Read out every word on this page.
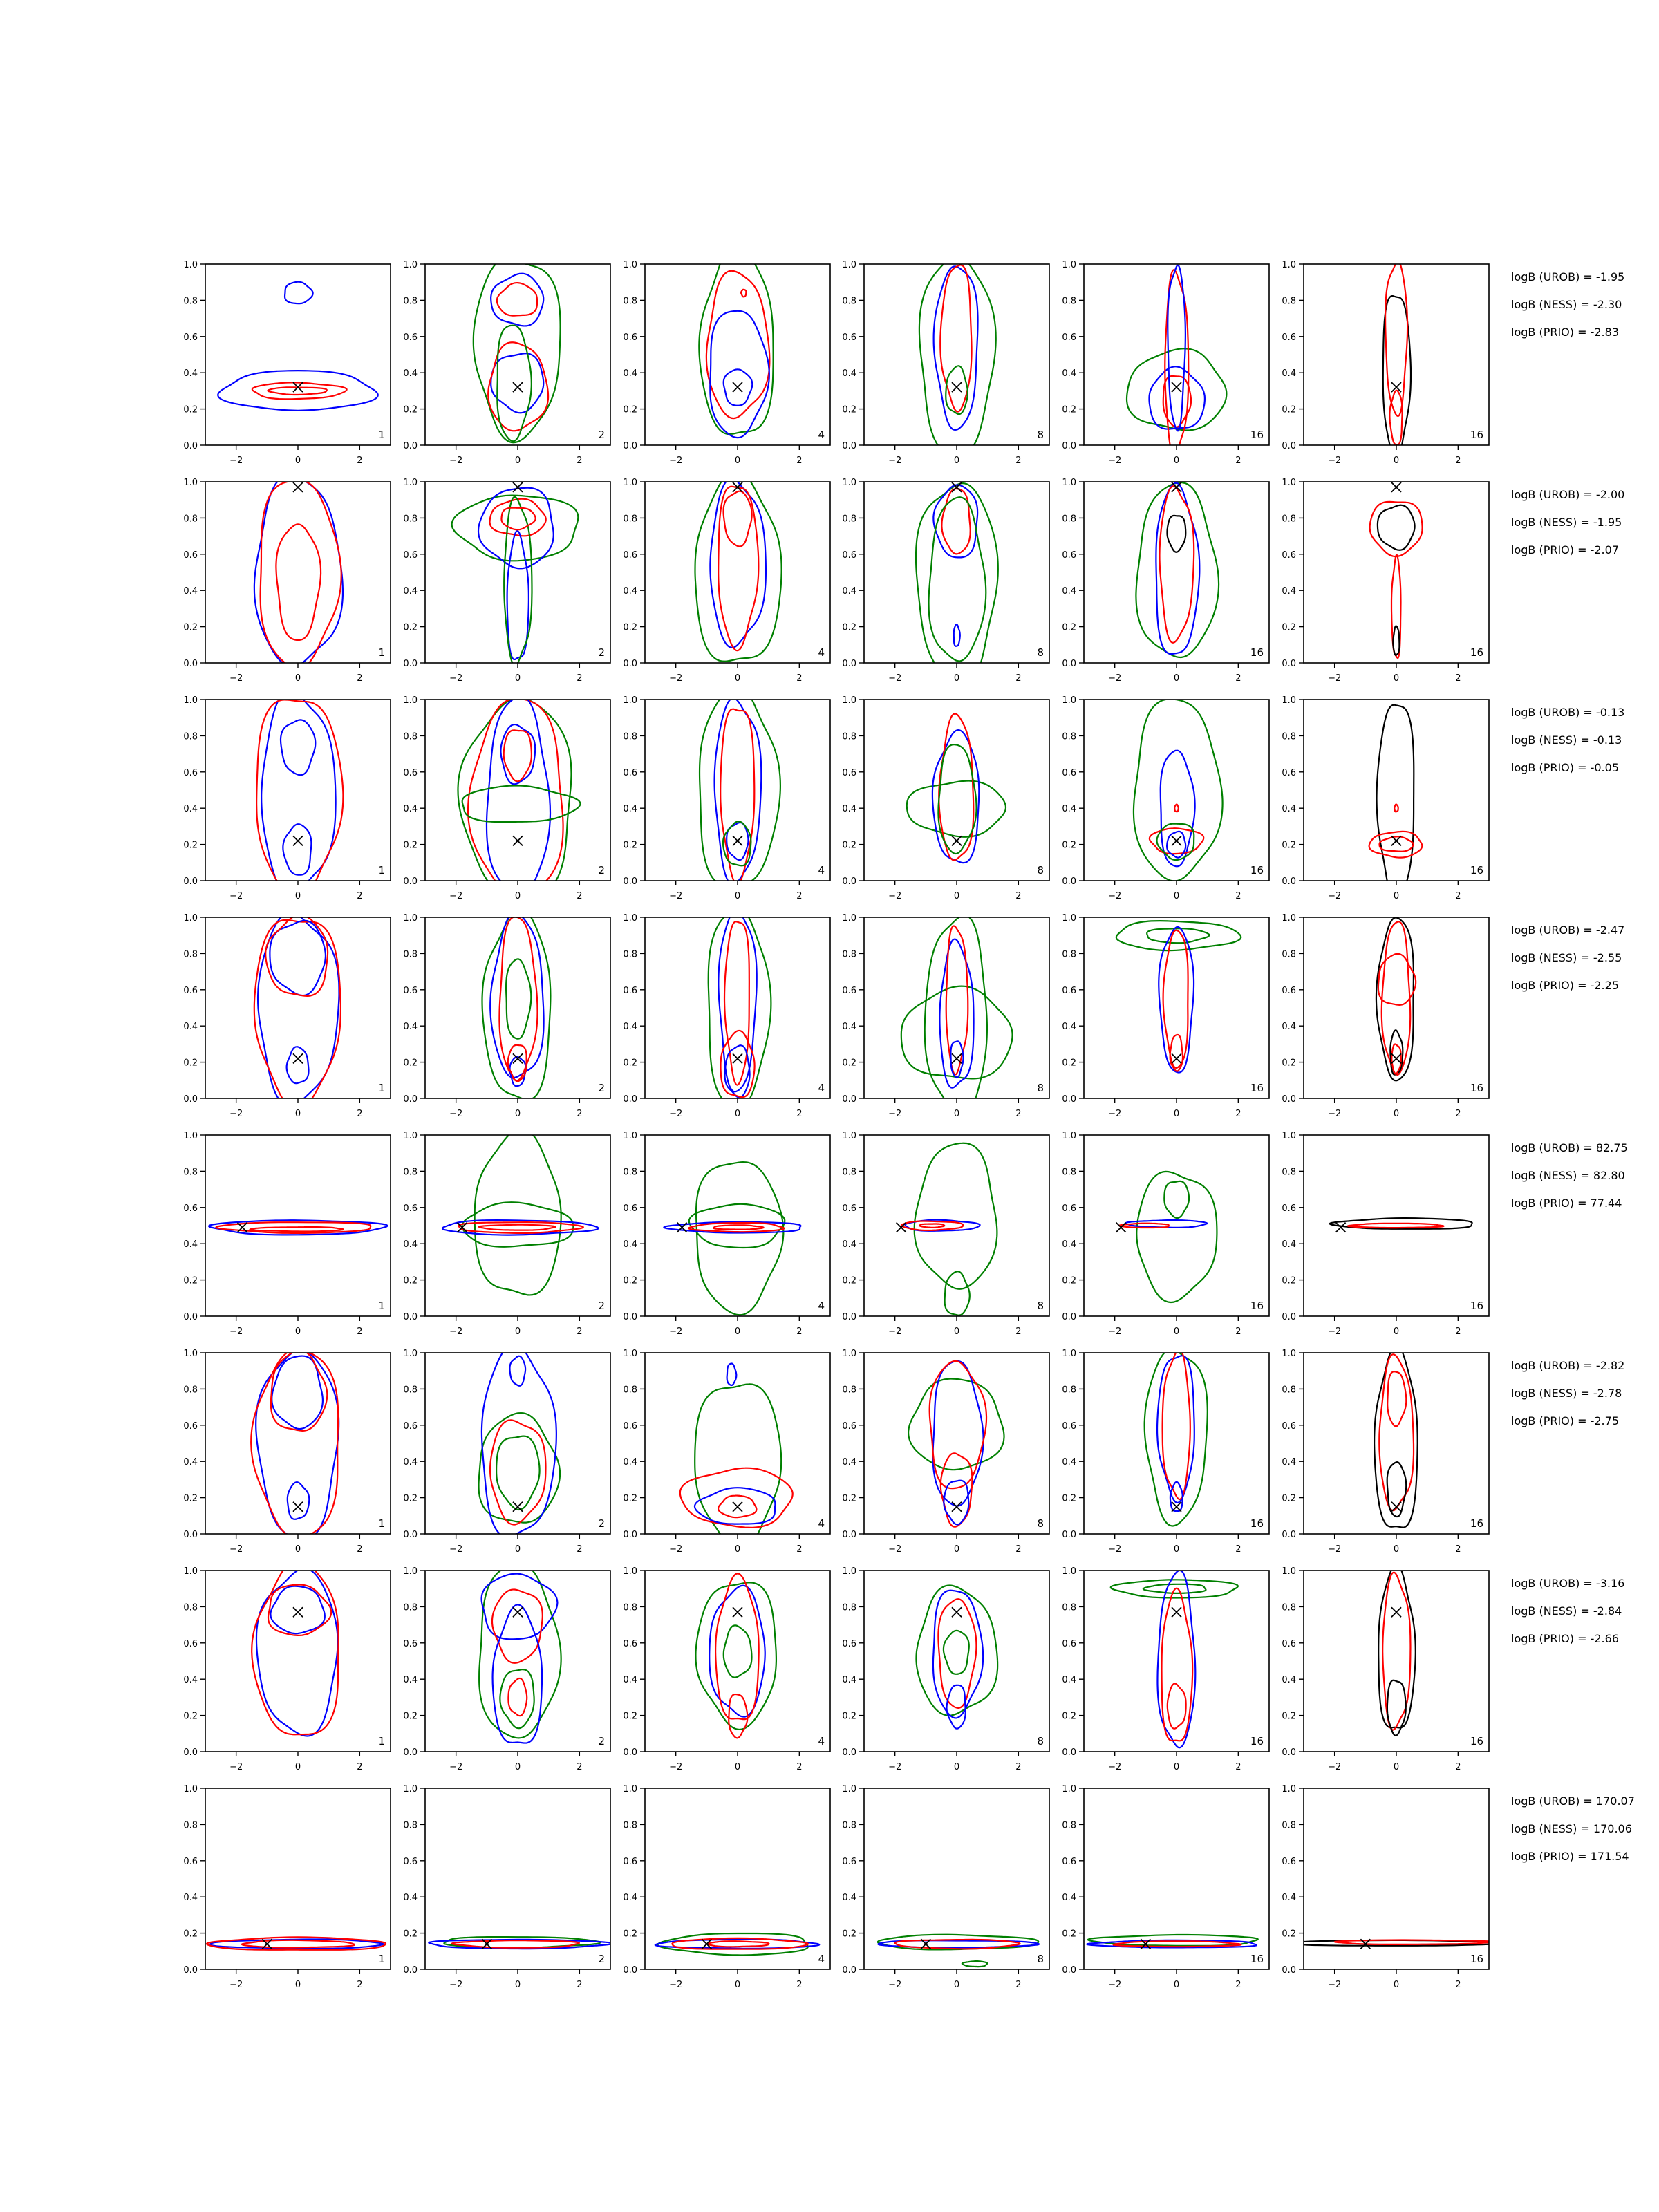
−2	0	2
0.0
0.2
0.4
0.6
0.8
1.0
1
−2	0	2
0.0
0.2
0.4
0.6
0.8
1.0
2
−2	0	2
0.0
0.2
0.4
0.6
0.8
1.0
4
−2	0	2
0.0
0.2
0.4
0.6
0.8
1.0
8
−2	0	2
0.0
0.2
0.4
0.6
0.8
1.0
16
−2	0	2
0.0
0.2
0.4
0.6
0.8
1.0
16
−2	0	2
0.0
0.2
0.4
0.6
0.8
1.0
1
−2	0	2
0.0
0.2
0.4
0.6
0.8
1.0
2
−2	0	2
0.0
0.2
0.4
0.6
0.8
1.0
4
−2	0	2
0.0
0.2
0.4
0.6
0.8
1.0
8
−2	0	2
0.0
0.2
0.4
0.6
0.8
1.0
16
−2	0	2
0.0
0.2
0.4
0.6
0.8
1.0
16
−2	0	2
0.0
0.2
0.4
0.6
0.8
1.0
1
−2	0	2
0.0
0.2
0.4
0.6
0.8
1.0
2
−2	0	2
0.0
0.2
0.4
0.6
0.8
1.0
4
−2	0	2
0.0
0.2
0.4
0.6
0.8
1.0
8
−2	0	2
0.0
0.2
0.4
0.6
0.8
1.0
16
−2	0	2
0.0
0.2
0.4
0.6
0.8
1.0
16
−2	0	2
0.0
0.2
0.4
0.6
0.8
1.0
1
−2	0	2
0.0
0.2
0.4
0.6
0.8
1.0
2
−2	0	2
0.0
0.2
0.4
0.6
0.8
1.0
4
−2	0	2
0.0
0.2
0.4
0.6
0.8
1.0
8
−2	0	2
0.0
0.2
0.4
0.6
0.8
1.0
16
−2	0	2
0.0
0.2
0.4
0.6
0.8
1.0
16
−2	0	2
0.0
0.2
0.4
0.6
0.8
1.0
1
−2	0	2
0.0
0.2
0.4
0.6
0.8
1.0
2
−2	0	2
0.0
0.2
0.4
0.6
0.8
1.0
4
−2	0	2
0.0
0.2
0.4
0.6
0.8
1.0
8
−2	0	2
0.0
0.2
0.4
0.6
0.8
1.0
16
−2	0	2
0.0
0.2
0.4
0.6
0.8
1.0
16
−2	0	2
0.0
0.2
0.4
0.6
0.8
1.0
1
−2	0	2
0.0
0.2
0.4
0.6
0.8
1.0
2
−2	0	2
0.0
0.2
0.4
0.6
0.8
1.0
4
−2	0	2
0.0
0.2
0.4
0.6
0.8
1.0
8
−2	0	2
0.0
0.2
0.4
0.6
0.8
1.0
16
−2	0	2
0.0
0.2
0.4
0.6
0.8
1.0
16
−2	0	2
0.0
0.2
0.4
0.6
0.8
1.0
1
−2	0	2
0.0
0.2
0.4
0.6
0.8
1.0
2
−2	0	2
0.0
0.2
0.4
0.6
0.8
1.0
4
−2	0	2
0.0
0.2
0.4
0.6
0.8
1.0
8
−2	0	2
0.0
0.2
0.4
0.6
0.8
1.0
16
−2	0	2
0.0
0.2
0.4
0.6
0.8
1.0
16
−2	0	2
0.0
0.2
0.4
0.6
0.8
1.0
1
−2	0	2
0.0
0.2
0.4
0.6
0.8
1.0
2
−2	0	2
0.0
0.2
0.4
0.6
0.8
1.0
4
−2	0	2
0.0
0.2
0.4
0.6
0.8
1.0
8
−2	0	2
0.0
0.2
0.4
0.6
0.8
1.0
16
−2	0	2
0.0
0.2
0.4
0.6
0.8
1.0
16
logB (UROB) = -1.95
logB (NESS) = -2.30
logB (PRIO) = -2.83
logB (UROB) = -2.00
logB (NESS) = -1.95
logB (PRIO) = -2.07
logB (UROB) = -0.13
logB (NESS) = -0.13
logB (PRIO) = -0.05
logB (UROB) = -2.47
logB (NESS) = -2.55
logB (PRIO) = -2.25
logB (UROB) = 82.75
logB (NESS) = 82.80
logB (PRIO) = 77.44
logB (UROB) = -2.82
logB (NESS) = -2.78
logB (PRIO) = -2.75
logB (UROB) = -3.16
logB (NESS) = -2.84
logB (PRIO) = -2.66
logB (UROB) = 170.07
logB (NESS) = 170.06
logB (PRIO) = 171.54
